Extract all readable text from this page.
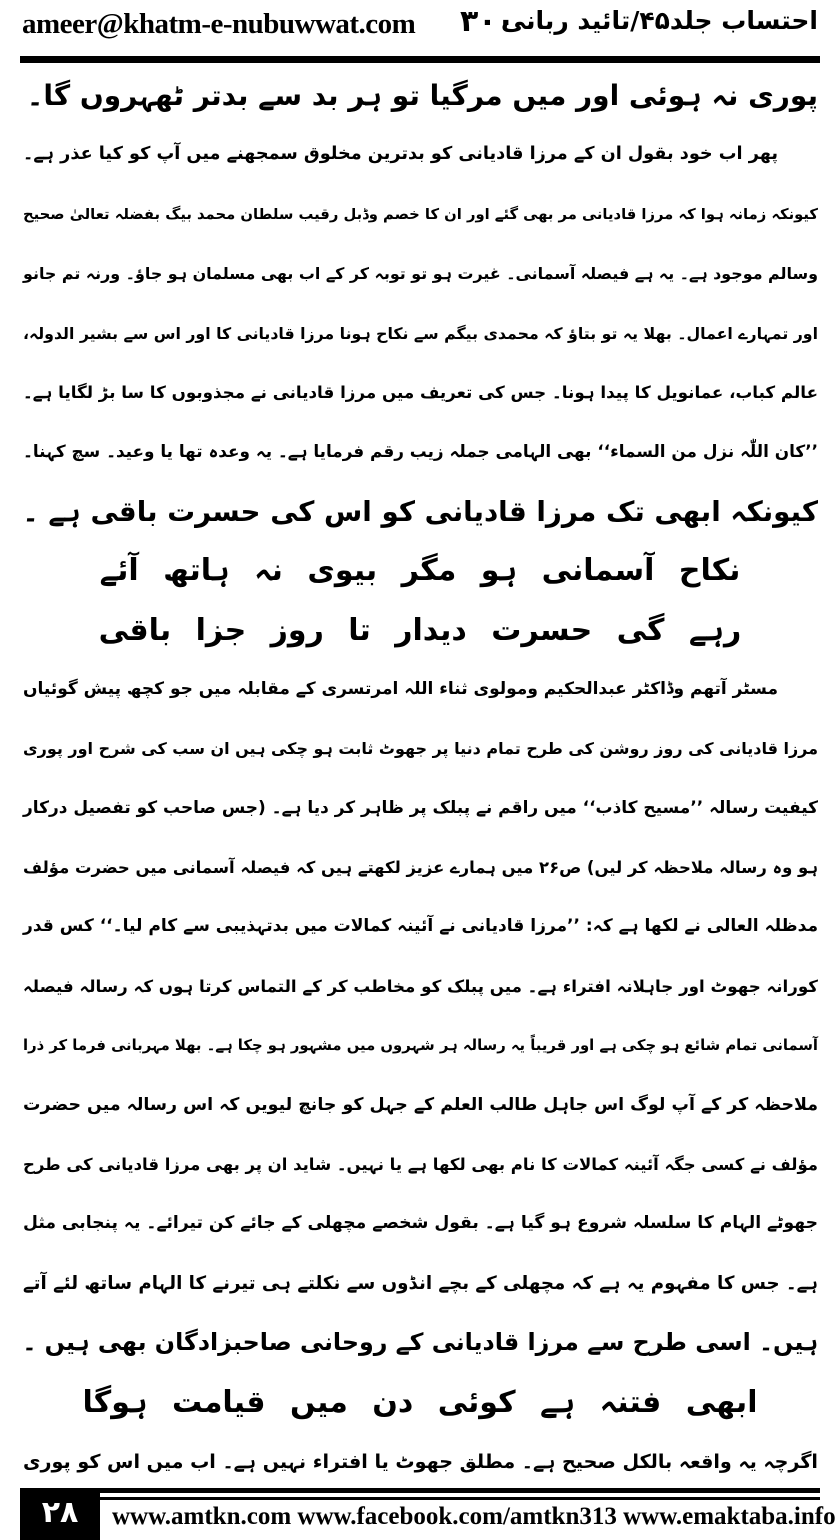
ameer@khatm-e-nubuwwat.com ۳۰۰
احتساب جلد۴۵/تائید ربانی
پوری نہ ہوئی اور میں مرگیا تو ہر بد سے بدتر ٹھہروں گا۔
پھر اب خود بقول ان کے مرزا قادیانی کو بدترین مخلوق سمجھنے میں آپ کو کیا عذر ہے۔
کیونکہ زمانہ ہوا کہ مرزا قادیانی مر بھی گئے اور ان کا خصم وڈبل رقیب سلطان محمد بیگ بفضلہ تعالیٰ صحیح
وسالم موجود ہے۔ یہ ہے فیصلہ آسمانی۔ غیرت ہو تو توبہ کر کے اب بھی مسلمان ہو جاؤ۔ ورنہ تم جانو
اور تمہارے اعمال۔ بھلا یہ تو بتاؤ کہ محمدی بیگم سے نکاح ہونا مرزا قادیانی کا اور اس سے بشیر الدولہ،
عالم کباب، عمانویل کا پیدا ہونا۔ جس کی تعریف میں مرزا قادیانی نے مجذوبوں کا سا بڑ لگایا ہے۔
’’کان اللّٰہ نزل من السماء‘‘ بھی الہامی جملہ زیب رقم فرمایا ہے۔ یہ وعدہ تھا یا وعید۔ سچ کہنا۔
کیونکہ ابھی تک مرزا قادیانی کو اس کی حسرت باقی ہے ۔
نکاح آسمانی ہو مگر بیوی نہ ہاتھ آئے
رہے گی حسرت دیدار تا روز جزا باقی
مسٹر آتھم وڈاکٹر عبدالحکیم ومولوی ثناء اللہ امرتسری کے مقابلہ میں جو کچھ پیش گوئیاں
مرزا قادیانی کی روز روشن کی طرح تمام دنیا پر جھوٹ ثابت ہو چکی ہیں ان سب کی شرح اور پوری
کیفیت رسالہ ’’مسیح کاذب‘‘ میں راقم نے پبلک پر ظاہر کر دیا ہے۔ (جس صاحب کو تفصیل درکار
ہو وہ رسالہ ملاحظہ کر لیں) ص۲۶ میں ہمارے عزیز لکھتے ہیں کہ فیصلہ آسمانی میں حضرت مؤلف
مدظلہ العالی نے لکھا ہے کہ: ’’مرزا قادیانی نے آئینہ کمالات میں بدتہذیبی سے کام لیا۔‘‘ کس قدر
کورانہ جھوٹ اور جاہلانہ افتراء ہے۔ میں پبلک کو مخاطب کر کے التماس کرتا ہوں کہ رسالہ فیصلہ
آسمانی تمام شائع ہو چکی ہے اور قریباً یہ رسالہ ہر شہروں میں مشہور ہو چکا ہے۔ بھلا مہربانی فرما کر ذرا
ملاحظہ کر کے آپ لوگ اس جاہل طالب العلم کے جہل کو جانچ لیویں کہ اس رسالہ میں حضرت
مؤلف نے کسی جگہ آئینہ کمالات کا نام بھی لکھا ہے یا نہیں۔ شاید ان پر بھی مرزا قادیانی کی طرح
جھوٹے الہام کا سلسلہ شروع ہو گیا ہے۔ بقول شخصے مچھلی کے جائے کن تیرائے۔ یہ پنجابی مثل
ہے۔ جس کا مفہوم یہ ہے کہ مچھلی کے بچے انڈوں سے نکلتے ہی تیرنے کا الہام ساتھ لئے آتے
ہیں۔ اسی طرح سے مرزا قادیانی کے روحانی صاحبزادگان بھی ہیں ۔
ابھی فتنہ ہے کوئی دن میں قیامت ہوگا
اگرچہ یہ واقعہ بالکل صحیح ہے۔ مطلق جھوٹ یا افتراء نہیں ہے۔ اب میں اس کو پوری
۲۸	www.amtkn.com www.facebook.com/amtkn313 www.emaktaba.info
